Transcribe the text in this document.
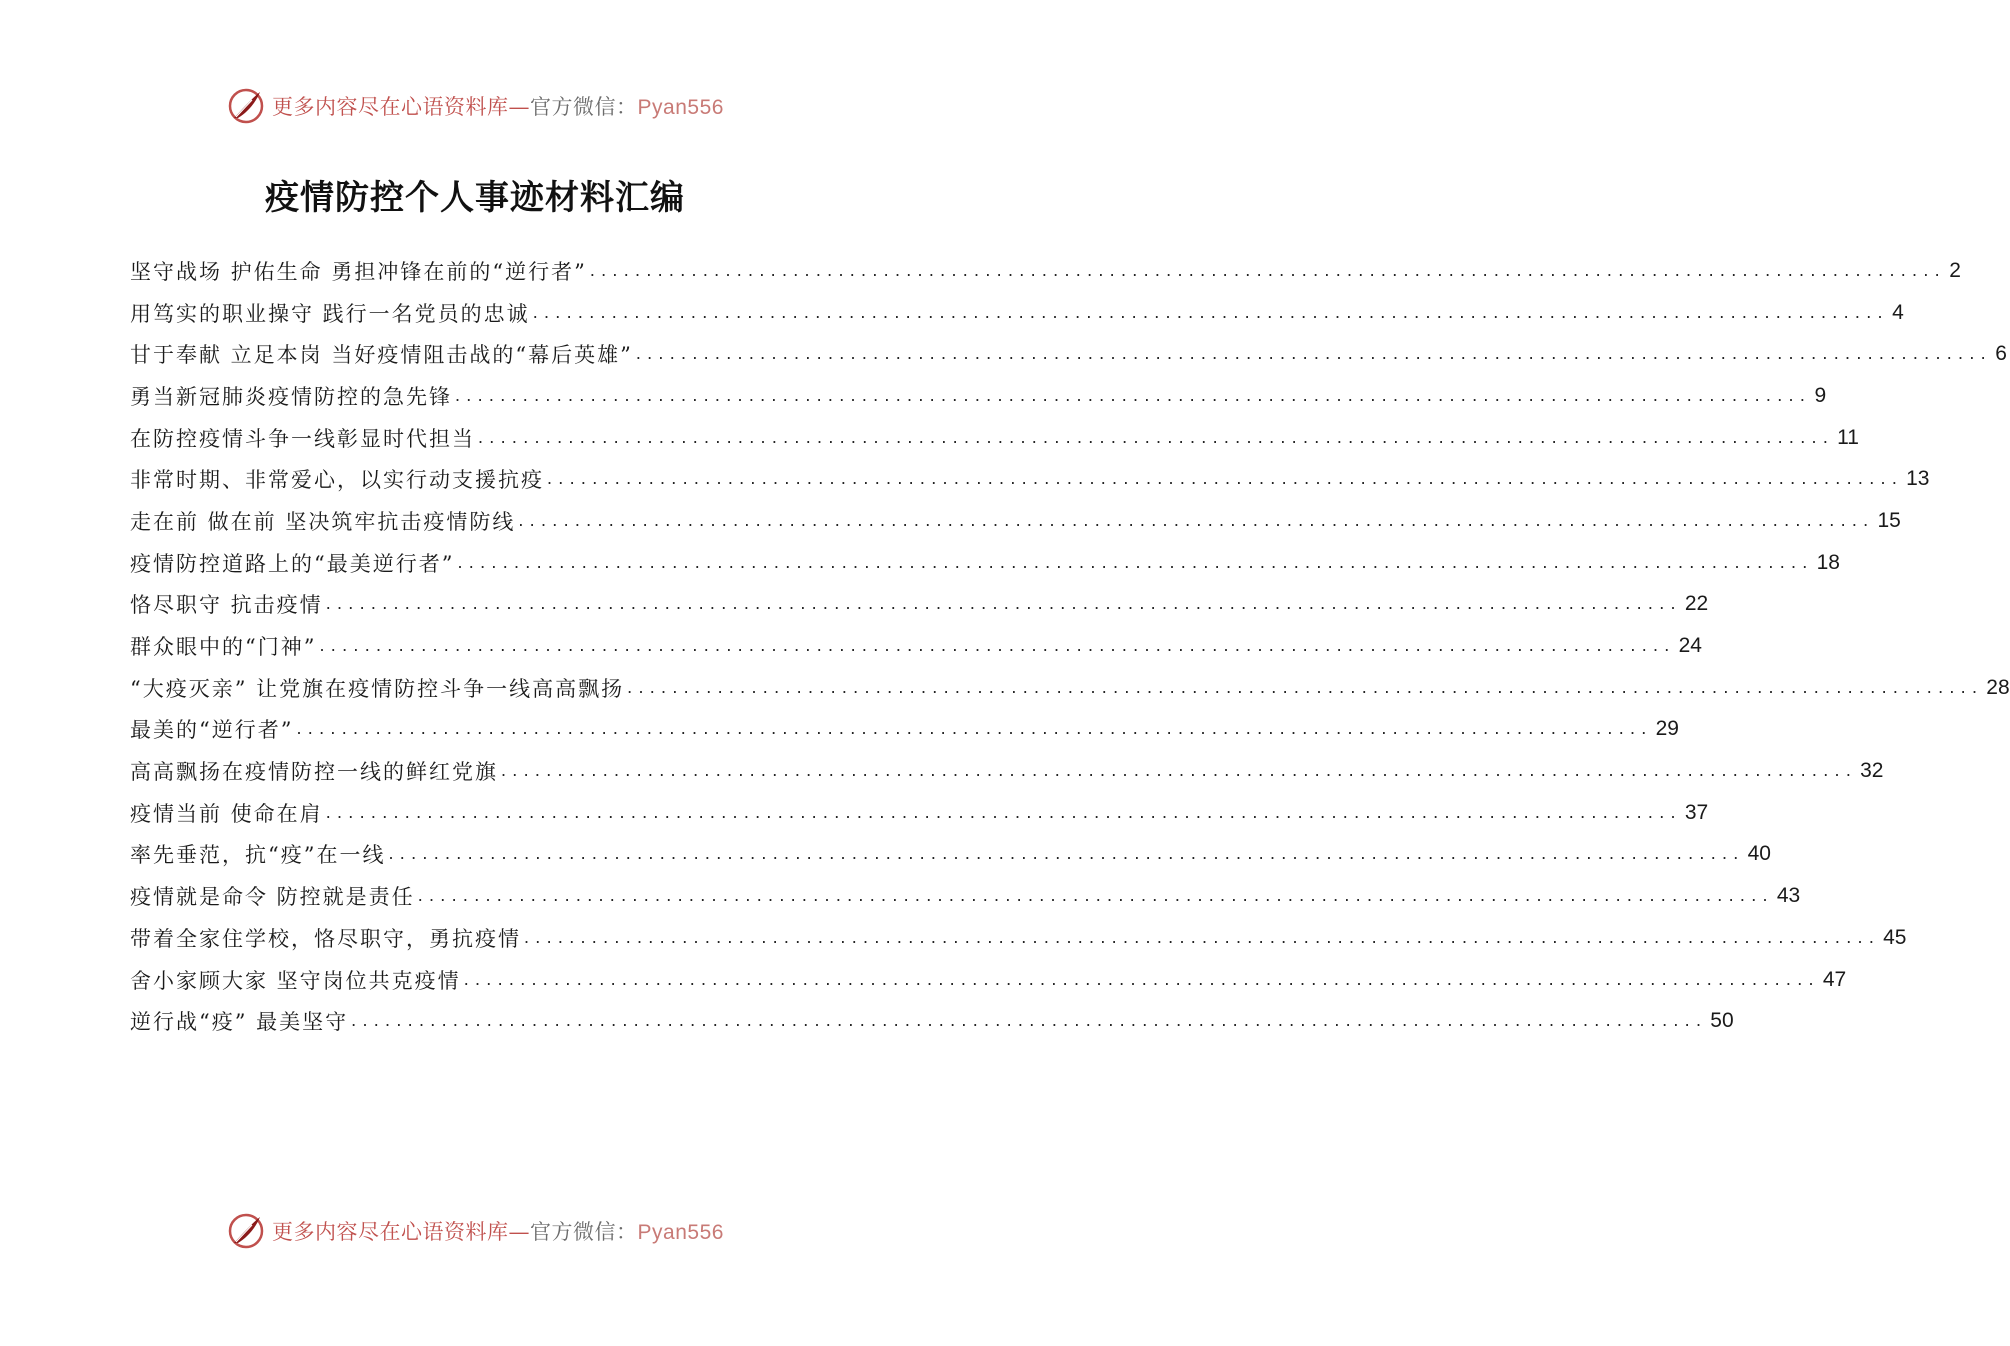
更多内容尽在心语资料库—官方微信：Pyan556
疫情防控个人事迹材料汇编
坚守战场 护佑生命 勇担冲锋在前的“逆行者” ........................................................................................................................ 2
用笃实的职业操守 践行一名党员的忠诚 ........................................................................................................................ 4
甘于奉献 立足本岗 当好疫情阻击战的“幕后英雄” ........................................................................................................................ 6
勇当新冠肺炎疫情防控的急先锋 ........................................................................................................................ 9
在防控疫情斗争一线彰显时代担当 ........................................................................................................................ 11
非常时期、非常爱心，以实行动支援抗疫 ........................................................................................................................ 13
走在前 做在前 坚决筑牢抗击疫情防线 ........................................................................................................................ 15
疫情防控道路上的“最美逆行者” ........................................................................................................................ 18
恪尽职守 抗击疫情 ........................................................................................................................ 22
群众眼中的“门神” ........................................................................................................................ 24
“大疫灭亲” 让党旗在疫情防控斗争一线高高飘扬 ........................................................................................................................ 28
最美的“逆行者” ........................................................................................................................ 29
高高飘扬在疫情防控一线的鲜红党旗 ........................................................................................................................ 32
疫情当前 使命在肩 ........................................................................................................................ 37
率先垂范，抗“疫”在一线 ........................................................................................................................ 40
疫情就是命令 防控就是责任 ........................................................................................................................ 43
带着全家住学校，恪尽职守，勇抗疫情 ........................................................................................................................ 45
舍小家顾大家 坚守岗位共克疫情 ........................................................................................................................ 47
逆行战“疫” 最美坚守 ........................................................................................................................ 50
更多内容尽在心语资料库—官方微信：Pyan556
